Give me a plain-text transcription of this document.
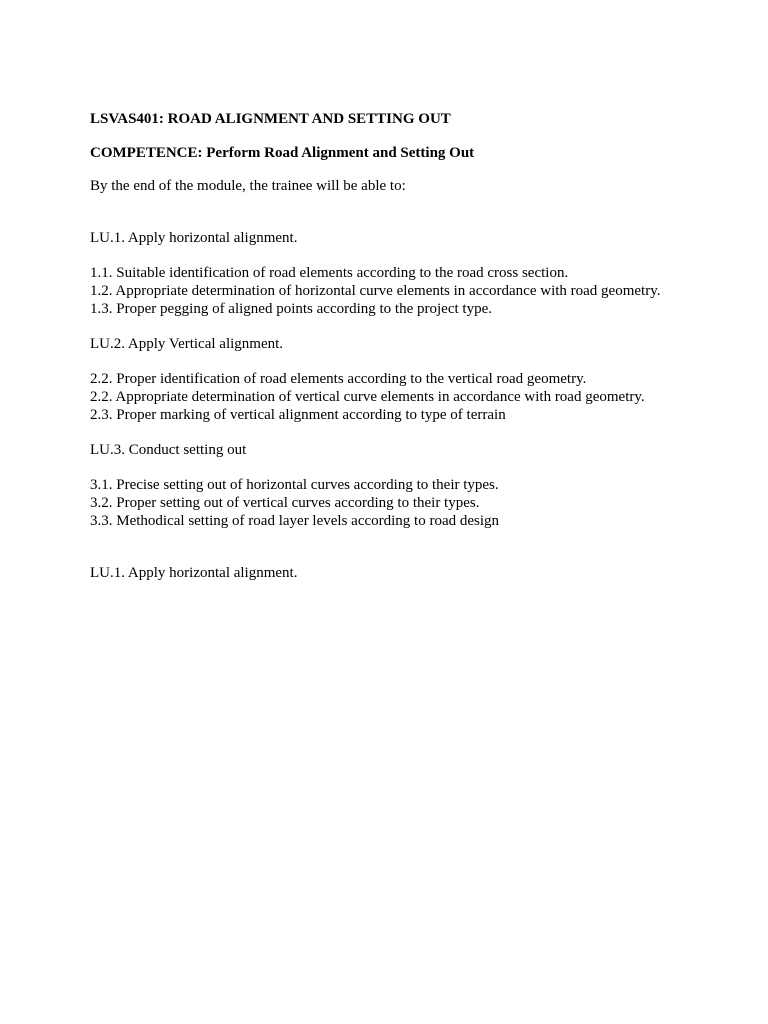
LSVAS401: ROAD ALIGNMENT AND SETTING OUT

COMPETENCE: Perform Road Alignment and Setting Out

By the end of the module, the trainee will be able to:

LU.1. Apply horizontal alignment.

1.1. Suitable identification of road elements according to the road cross section.
1.2. Appropriate determination of horizontal curve elements in accordance with road geometry.
1.3. Proper pegging of aligned points according to the project type.

LU.2. Apply Vertical alignment.

2.2. Proper identification of road elements according to the vertical road geometry.
2.2. Appropriate determination of vertical curve elements in accordance with road geometry.
2.3. Proper marking of vertical alignment according to type of terrain

LU.3. Conduct setting out

3.1. Precise setting out of horizontal curves according to their types.
3.2. Proper setting out of vertical curves according to their types.
3.3. Methodical setting of road layer levels according to road design

LU.1. Apply horizontal alignment.
